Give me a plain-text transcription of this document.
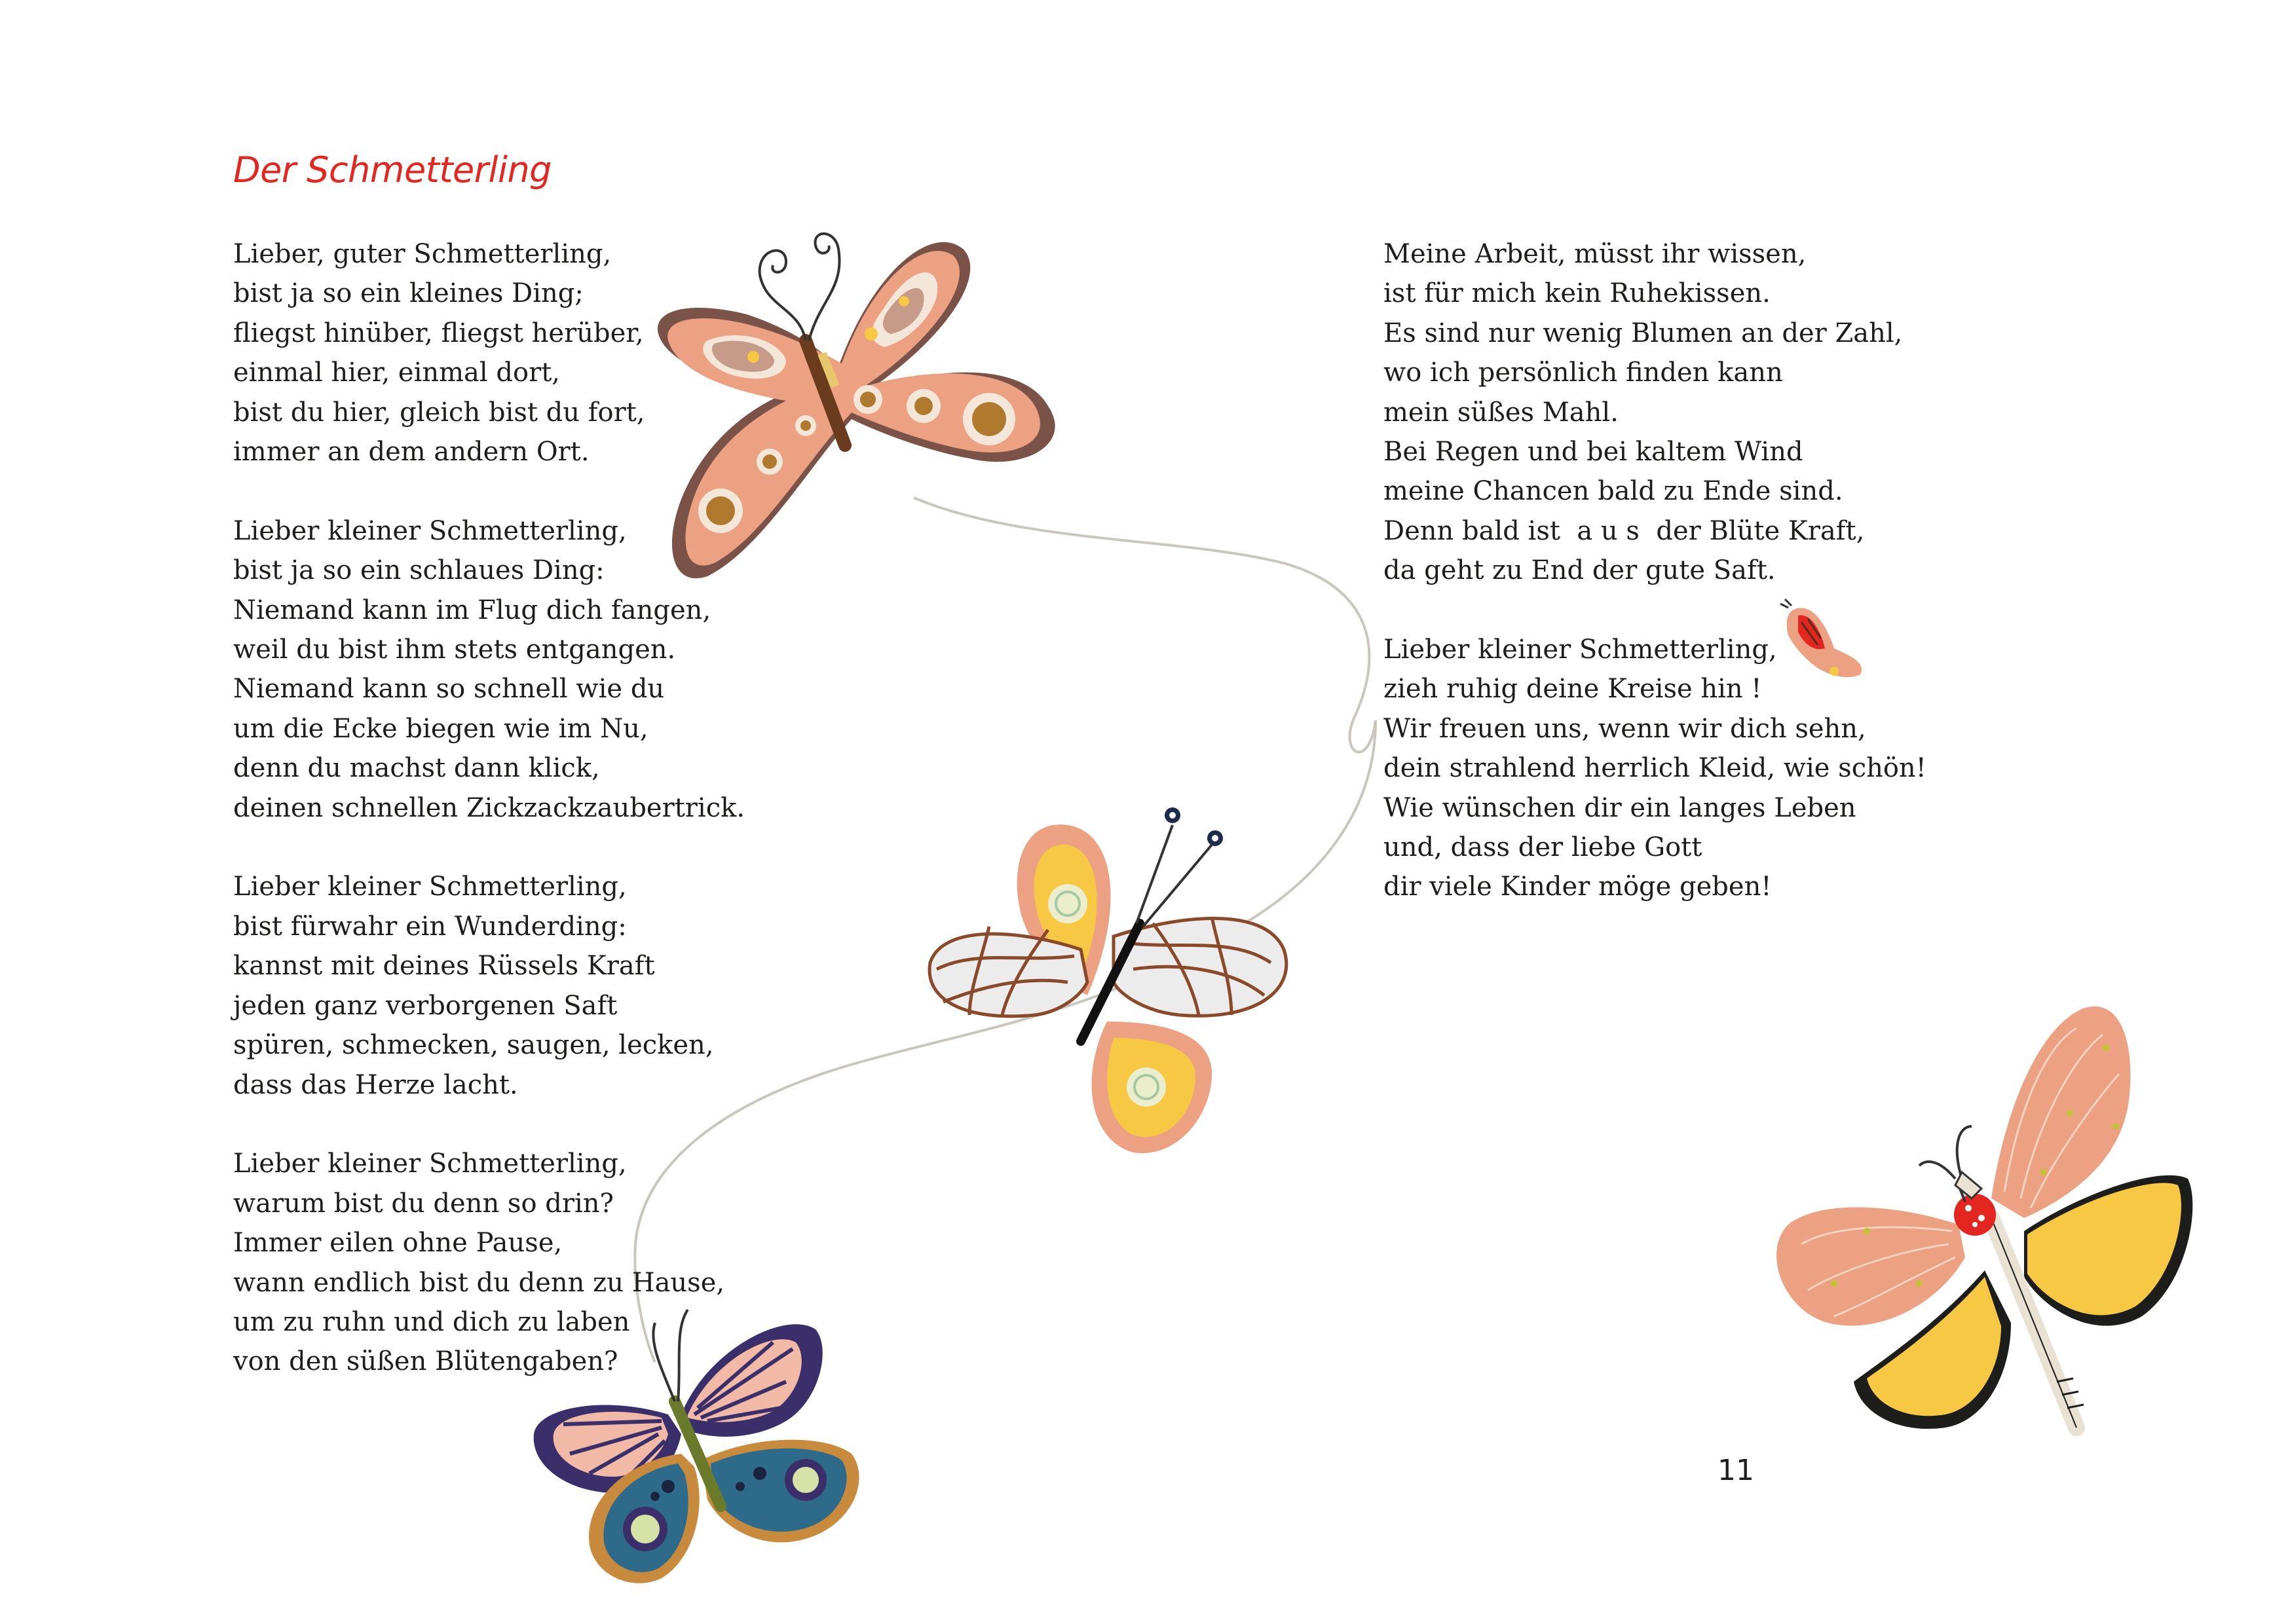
Der Schmetterling
Lieber, guter Schmetterling,
bist ja so ein kleines Ding;
fliegst hinüber, fliegst herüber,
einmal hier, einmal dort,
bist du hier, gleich bist du fort,
immer an dem andern Ort.
Lieber kleiner Schmetterling,
bist ja so ein schlaues Ding:
Niemand kann im Flug dich fangen,
weil du bist ihm stets entgangen.
Niemand kann so schnell wie du
um die Ecke biegen wie im Nu,
denn du machst dann klick,
deinen schnellen Zickzackzaubertrick.
Lieber kleiner Schmetterling,
bist fürwahr ein Wunderding:
kannst mit deines Rüssels Kraft
jeden ganz verborgenen Saft
spüren, schmecken, saugen, lecken,
dass das Herze lacht.
Lieber kleiner Schmetterling,
warum bist du denn so drin?
Immer eilen ohne Pause,
wann endlich bist du denn zu Hause,
um zu ruhn und dich zu laben
von den süßen Blütengaben?
Meine Arbeit, müsst ihr wissen,
ist für mich kein Ruhekissen.
Es sind nur wenig Blumen an der Zahl,
wo ich persönlich finden kann
mein süßes Mahl.
Bei Regen und bei kaltem Wind
meine Chancen bald zu Ende sind.
Denn bald ist  a u s  der Blüte Kraft,
da geht zu End der gute Saft.
Lieber kleiner Schmetterling,
zieh ruhig deine Kreise hin !
Wir freuen uns, wenn wir dich sehn,
dein strahlend herrlich Kleid, wie schön!
Wie wünschen dir ein langes Leben
und, dass der liebe Gott
dir viele Kinder möge geben!
11
